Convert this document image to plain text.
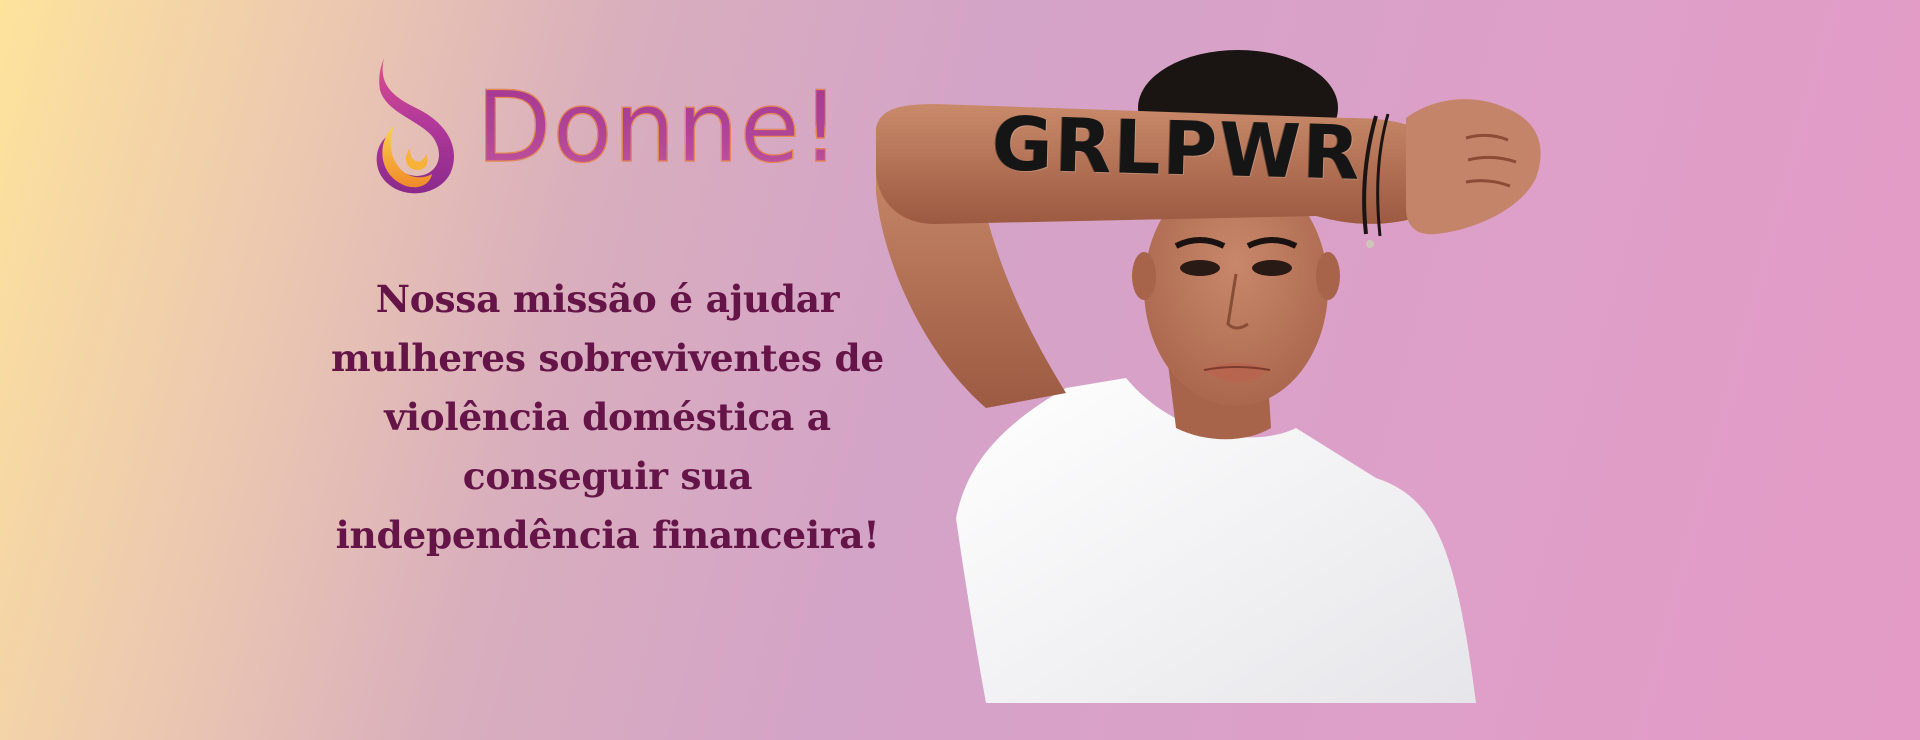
Donne!

Nossa missão é ajudar mulheres sobreviventes de violência doméstica a conseguir sua independência financeira!

GRLPWR
